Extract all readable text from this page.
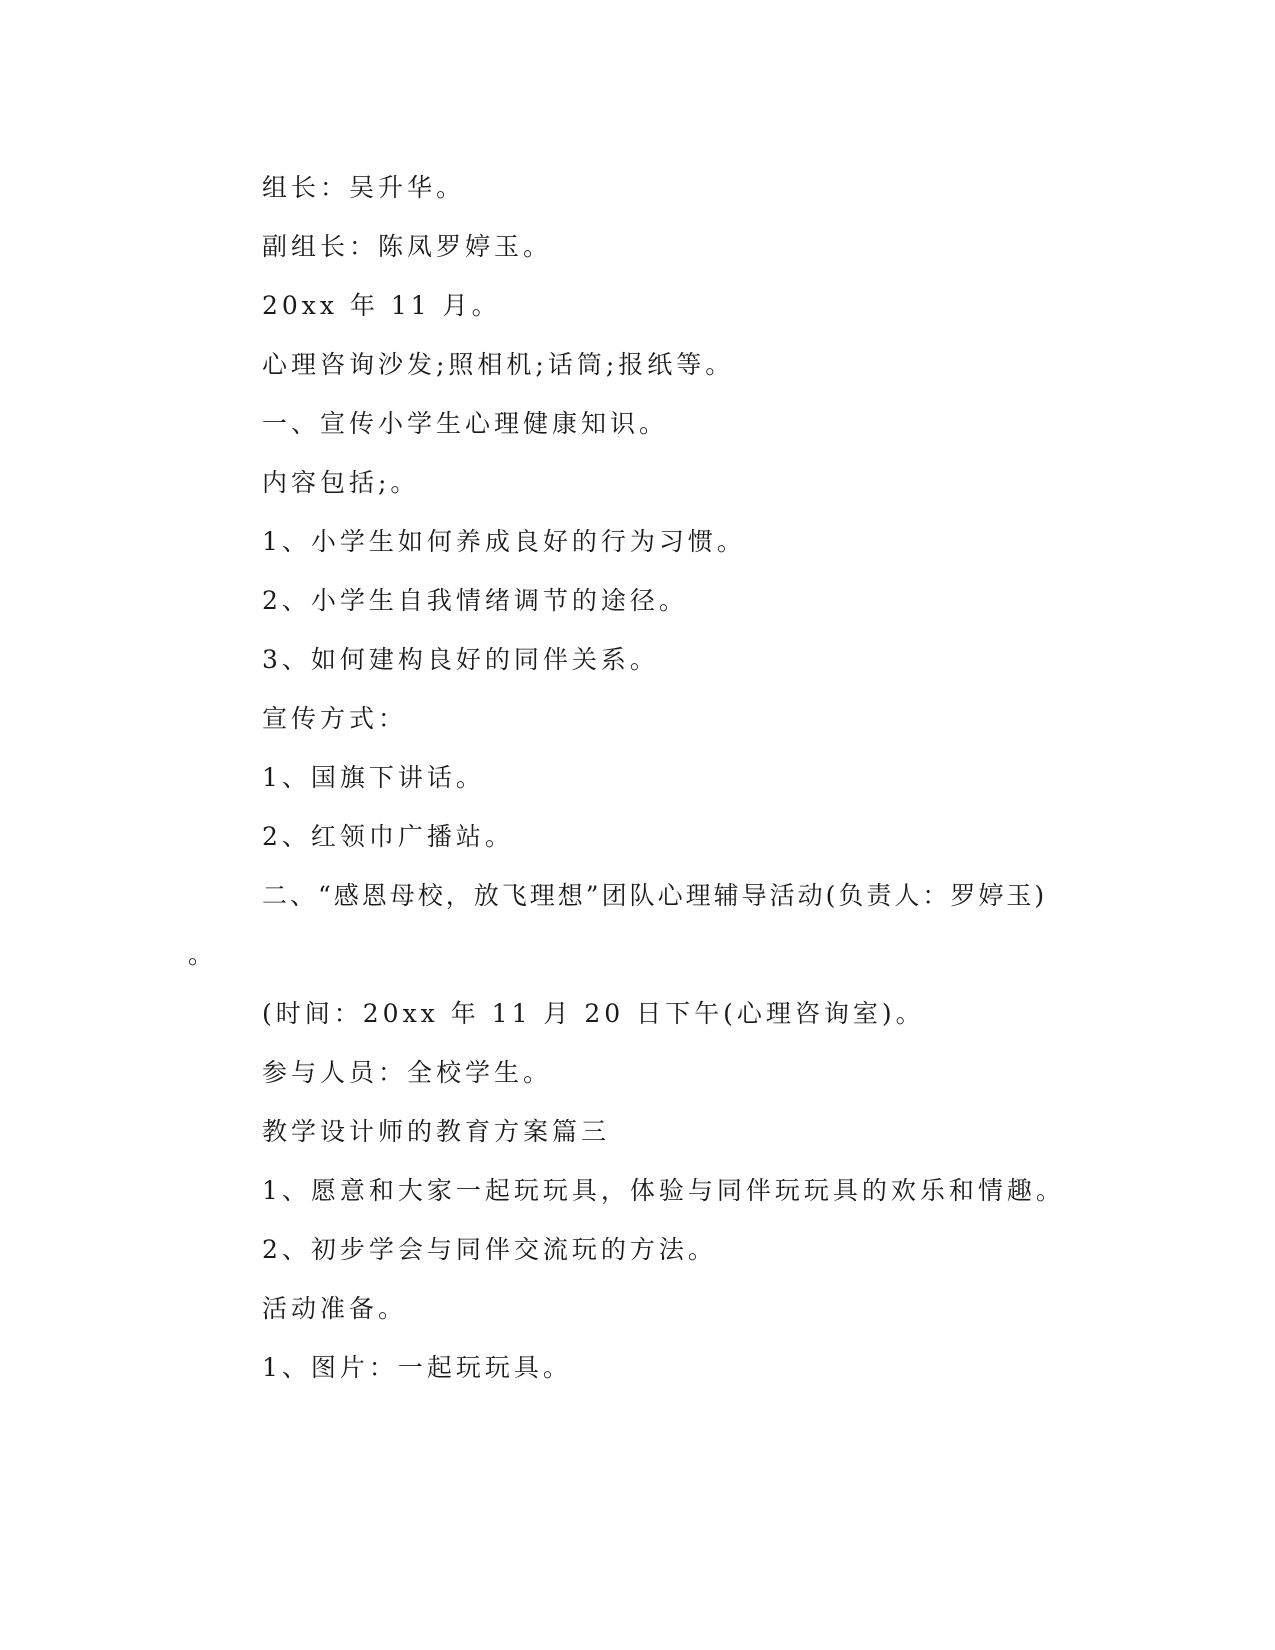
组长：吴升华。

副组长：陈凤罗婷玉。

20xx 年 11 月。

心理咨询沙发;照相机;话筒;报纸等。

一、宣传小学生心理健康知识。

内容包括;。

1、小学生如何养成良好的行为习惯。

2、小学生自我情绪调节的途径。

3、如何建构良好的同伴关系。

宣传方式：

1、国旗下讲话。

2、红领巾广播站。

二、“感恩母校，放飞理想”团队心理辅导活动(负责人：罗婷玉)

。

(时间：20xx 年 11 月 20 日下午(心理咨询室)。

参与人员：全校学生。

教学设计师的教育方案篇三

1、愿意和大家一起玩玩具，体验与同伴玩玩具的欢乐和情趣。

2、初步学会与同伴交流玩的方法。

活动准备。

1、图片：一起玩玩具。
